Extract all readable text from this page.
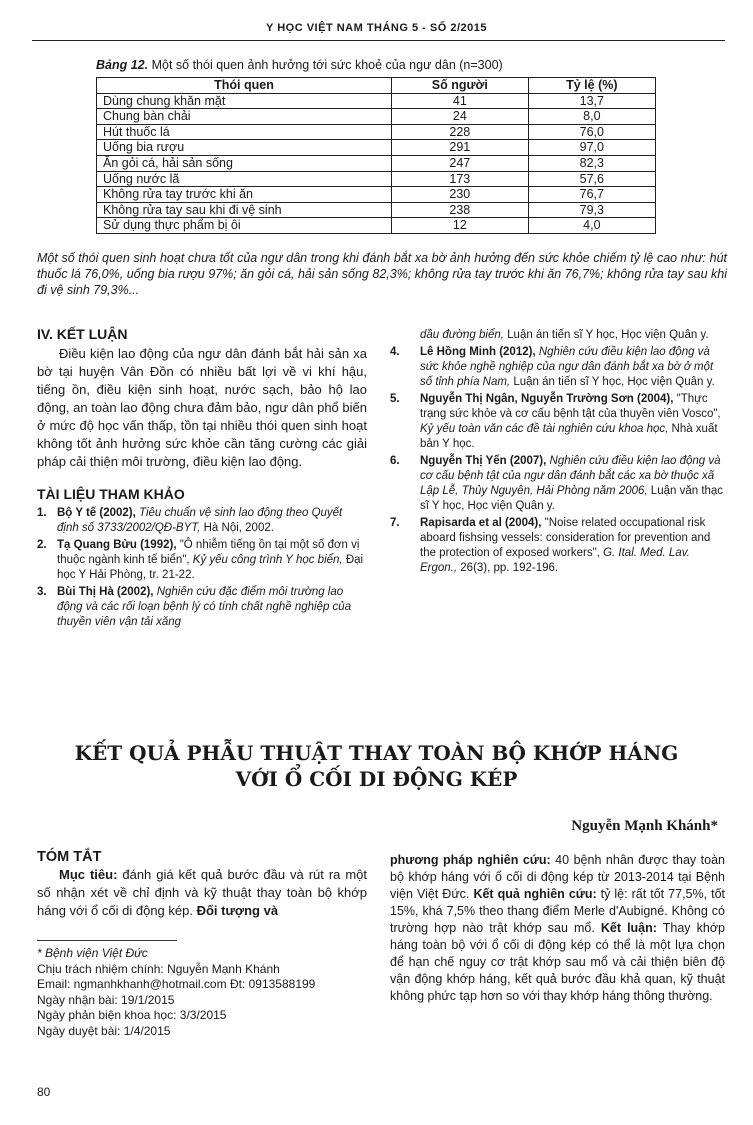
Y HỌC VIỆT NAM THÁNG 5 - SỐ 2/2015
Bảng 12. Một số thói quen ảnh hưởng tới sức khoẻ của ngư dân (n=300)
Thói quen	Số người	Tỷ lệ (%)
Dùng chung khăn mặt	41	13,7
Chung bàn chải	24	8,0
Hút thuốc lá	228	76,0
Uống bia rượu	291	97,0
Ăn gỏi cá, hải sản sống	247	82,3
Uống nước lã	173	57,6
Không rửa tay trước khi ăn	230	76,7
Không rửa tay sau khi đi vệ sinh	238	79,3
Sử dụng thực phẩm bị ôi	12	4,0
Một số thói quen sinh hoạt chưa tốt của ngư dân trong khi đánh bắt xa bờ ảnh hưởng đến sức khỏe chiếm tỷ lệ cao như: hút thuốc lá 76,0%, uống bia rượu 97%; ăn gỏi cá, hải sản sống 82,3%; không rửa tay trước khi ăn 76,7%; không rửa tay sau khi đi vệ sinh 79,3%...
IV. KẾT LUẬN
Điều kiện lao động của ngư dân đánh bắt hải sản xa bờ tại huyện Vân Đồn có nhiều bất lợi về vi khí hậu, tiếng ồn, điều kiện sinh hoạt, nước sạch, bảo hộ lao động, an toàn lao động chưa đảm bảo, ngư dân phổ biến ở mức độ học vấn thấp, tồn tại nhiều thói quen sinh hoạt không tốt ảnh hưởng sức khỏe cần tăng cường các giải pháp cải thiện môi trường, điều kiện lao động.
TÀI LIỆU THAM KHẢO
1. Bộ Y tế (2002), Tiêu chuẩn vệ sinh lao động theo Quyết định số 3733/2002/QĐ-BYT, Hà Nội, 2002.
2. Tạ Quang Bửu (1992), "Ô nhiễm tiếng ồn tại một số đơn vị thuộc ngành kinh tế biển", Kỷ yếu công trình Y học biển, Đại học Y Hải Phòng, tr. 21-22.
3. Bùi Thị Hà (2002), Nghiên cứu đặc điểm môi trường lao động và các rối loạn bệnh lý có tính chất nghề nghiệp của thuyền viên vận tải xăng
dầu đường biển, Luận án tiến sĩ Y học, Học viện Quân y.
4. Lê Hồng Minh (2012), Nghiên cứu điều kiện lao động và sức khỏe nghề nghiệp của ngư dân đánh bắt xa bờ ở một số tỉnh phía Nam, Luận án tiến sĩ Y học, Học viện Quân y.
5. Nguyễn Thị Ngân, Nguyễn Trường Sơn (2004), "Thực trạng sức khỏe và cơ cấu bệnh tật của thuyền viên Vosco", Kỷ yếu toàn văn các đề tài nghiên cứu khoa học, Nhà xuất bản Y học.
6. Nguyễn Thị Yến (2007), Nghiên cứu điều kiện lao động và cơ cấu bệnh tật của ngư dân đánh bắt các xa bờ thuộc xã Lập Lễ, Thủy Nguyên, Hải Phòng năm 2006, Luận văn thạc sĩ Y học, Học viện Quân y.
7. Rapisarda et al (2004), "Noise related occupational risk aboard fishsing vessels: consideration for prevention and the protection of exposed workers", G. Ital. Med. Lav. Ergon., 26(3), pp. 192-196.
KẾT QUẢ PHẪU THUẬT THAY TOÀN BỘ KHỚP HÁNG
VỚI Ổ CỐI DI ĐỘNG KÉP
Nguyễn Mạnh Khánh*
TÓM TẮT
Mục tiêu: đánh giá kết quả bước đầu và rút ra một số nhận xét về chỉ định và kỹ thuật thay toàn bộ khớp háng với ổ cối di động kép. Đối tượng và
* Bệnh viện Việt Đức
Chịu trách nhiệm chính: Nguyễn Mạnh Khánh
Email: ngmanhkhanh@hotmail.com Đt: 0913588199
Ngày nhận bài: 19/1/2015
Ngày phản biện khoa học: 3/3/2015
Ngày duyệt bài: 1/4/2015
phương pháp nghiên cứu: 40 bệnh nhân được thay toàn bộ khớp háng với ổ cối di động kép từ 2013-2014 tại Bệnh viện Việt Đức. Kết quả nghiên cứu: tỷ lệ: rất tốt 77,5%, tốt 15%, khá 7,5% theo thang điểm Merle d'Aubigné. Không có trường hợp nào trật khớp sau mổ. Kết luận: Thay khớp háng toàn bộ với ổ cối di động kép có thể là một lựa chọn để hạn chế nguy cơ trật khớp sau mổ và cải thiện biên độ vận động khớp háng, kết quả bước đầu khả quan, kỹ thuật không phức tạp hơn so với thay khớp háng thông thường.
80
